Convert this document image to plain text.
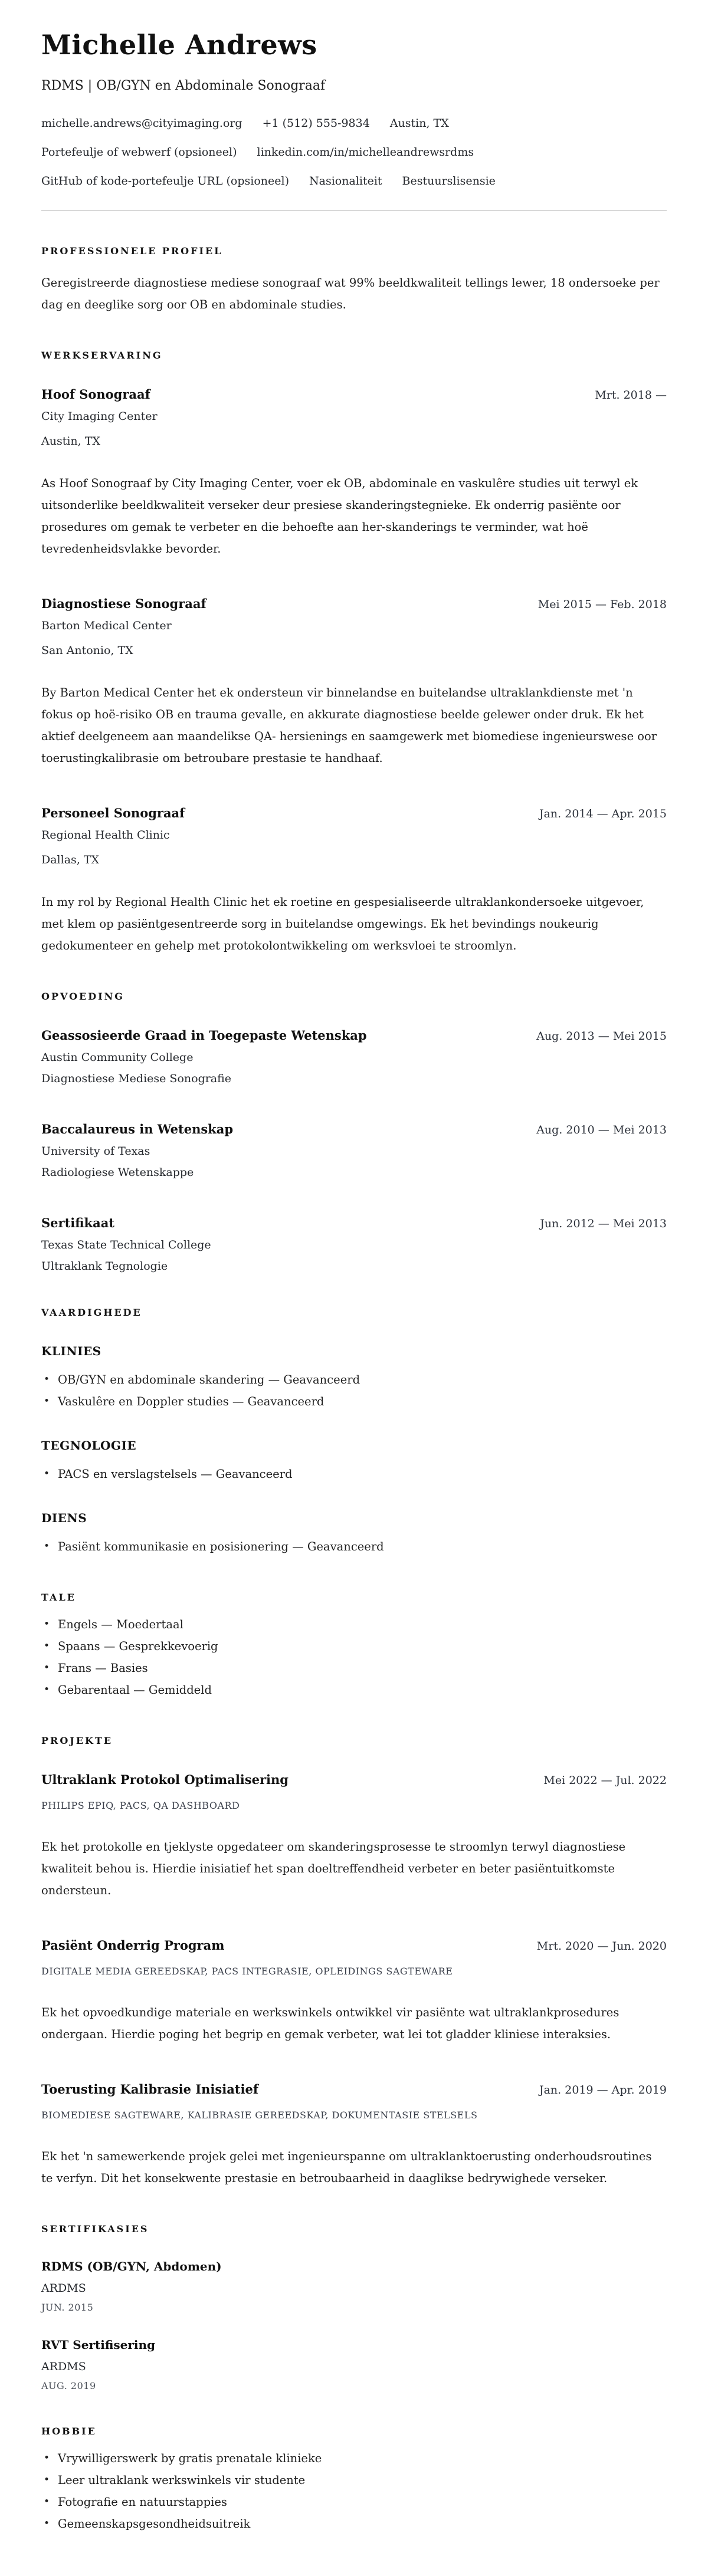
Michelle Andrews
RDMS | OB/GYN en Abdominale Sonograaf
michelle.andrews@cityimaging.org +1 (512) 555-9834 Austin, TX
Portefeulje of webwerf (opsioneel) linkedin.com/in/michelleandrewsrdms
GitHub of kode-portefeulje URL (opsioneel) Nasionaliteit Bestuurslisensie
PROFESSIONELE PROFIEL

Geregistreerde diagnostiese mediese sonograaf wat 99% beeldkwaliteit tellings lewer, 18 ondersoeke per dag en deeglike sorg oor OB en abdominale studies.

WERKSERVARING
Hoof Sonograaf	Mrt. 2018 —
City Imaging Center
Austin, TX

As Hoof Sonograaf by City Imaging Center, voer ek OB, abdominale en vaskulêre studies uit terwyl ek uitsonderlike beeldkwaliteit verseker deur presiese skanderingstegnieke. Ek onderrig pasiënte oor prosedures om gemak te verbeter en die behoefte aan her-skanderings te verminder, wat hoë tevredenheidsvlakke bevorder.

Diagnostiese Sonograaf	Mei 2015 — Feb. 2018
Barton Medical Center
San Antonio, TX

By Barton Medical Center het ek ondersteun vir binnelandse en buitelandse ultraklankdienste met 'n fokus op hoë-risiko OB en trauma gevalle, en akkurate diagnostiese beelde gelewer onder druk. Ek het aktief deelgeneem aan maandelikse QA- hersienings en saamgewerk met biomediese ingenieurswese oor toerustingkalibrasie om betroubare prestasie te handhaaf.

Personeel Sonograaf	Jan. 2014 — Apr. 2015
Regional Health Clinic
Dallas, TX

In my rol by Regional Health Clinic het ek roetine en gespesialiseerde ultraklankondersoeke uitgevoer, met klem op pasiëntgesentreerde sorg in buitelandse omgewings. Ek het bevindings noukeurig gedokumenteer en gehelp met protokolontwikkeling om werksvloei te stroomlyn.

OPVOEDING
Geassosieerde Graad in Toegepaste Wetenskap	Aug. 2013 — Mei 2015
Austin Community College
Diagnostiese Mediese Sonografie
Baccalaureus in Wetenskap	Aug. 2010 — Mei 2013
University of Texas
Radiologiese Wetenskappe
Sertifikaat	Jun. 2012 — Mei 2013
Texas State Technical College
Ultraklank Tegnologie
VAARDIGHEDE
KLINIES
• OB/GYN en abdominale skandering — Geavanceerd
• Vaskulêre en Doppler studies — Geavanceerd
TEGNOLOGIE
• PACS en verslagstelsels — Geavanceerd
DIENS
• Pasiënt kommunikasie en posisionering — Geavanceerd
TALE
• Engels — Moedertaal
• Spaans — Gesprekkevoerig
• Frans — Basies
• Gebarentaal — Gemiddeld
PROJEKTE
Ultraklank Protokol Optimalisering	Mei 2022 — Jul. 2022
PHILIPS EPIQ, PACS, QA DASHBOARD

Ek het protokolle en tjeklyste opgedateer om skanderingsprosesse te stroomlyn terwyl diagnostiese kwaliteit behou is. Hierdie inisiatief het span doeltreffendheid verbeter en beter pasiëntuitkomste ondersteun.

Pasiënt Onderrig Program	Mrt. 2020 — Jun. 2020
DIGITALE MEDIA GEREEDSKAP, PACS INTEGRASIE, OPLEIDINGS SAGTEWARE

Ek het opvoedkundige materiale en werkswinkels ontwikkel vir pasiënte wat ultraklankprosedures ondergaan. Hierdie poging het begrip en gemak verbeter, wat lei tot gladder kliniese interaksies.

Toerusting Kalibrasie Inisiatief	Jan. 2019 — Apr. 2019
BIOMEDIESE SAGTEWARE, KALIBRASIE GEREEDSKAP, DOKUMENTASIE STELSELS

Ek het 'n samewerkende projek gelei met ingenieurspanne om ultraklanktoerusting onderhoudsroutines te verfyn. Dit het konsekwente prestasie en betroubaarheid in daaglikse bedrywighede verseker.

SERTIFIKASIES
RDMS (OB/GYN, Abdomen)
ARDMS
JUN. 2015
RVT Sertifisering
ARDMS
AUG. 2019
HOBBIE
• Vrywilligerswerk by gratis prenatale klinieke
• Leer ultraklank werkswinkels vir studente
• Fotografie en natuurstappies
• Gemeenskapsgesondheidsuitreik
